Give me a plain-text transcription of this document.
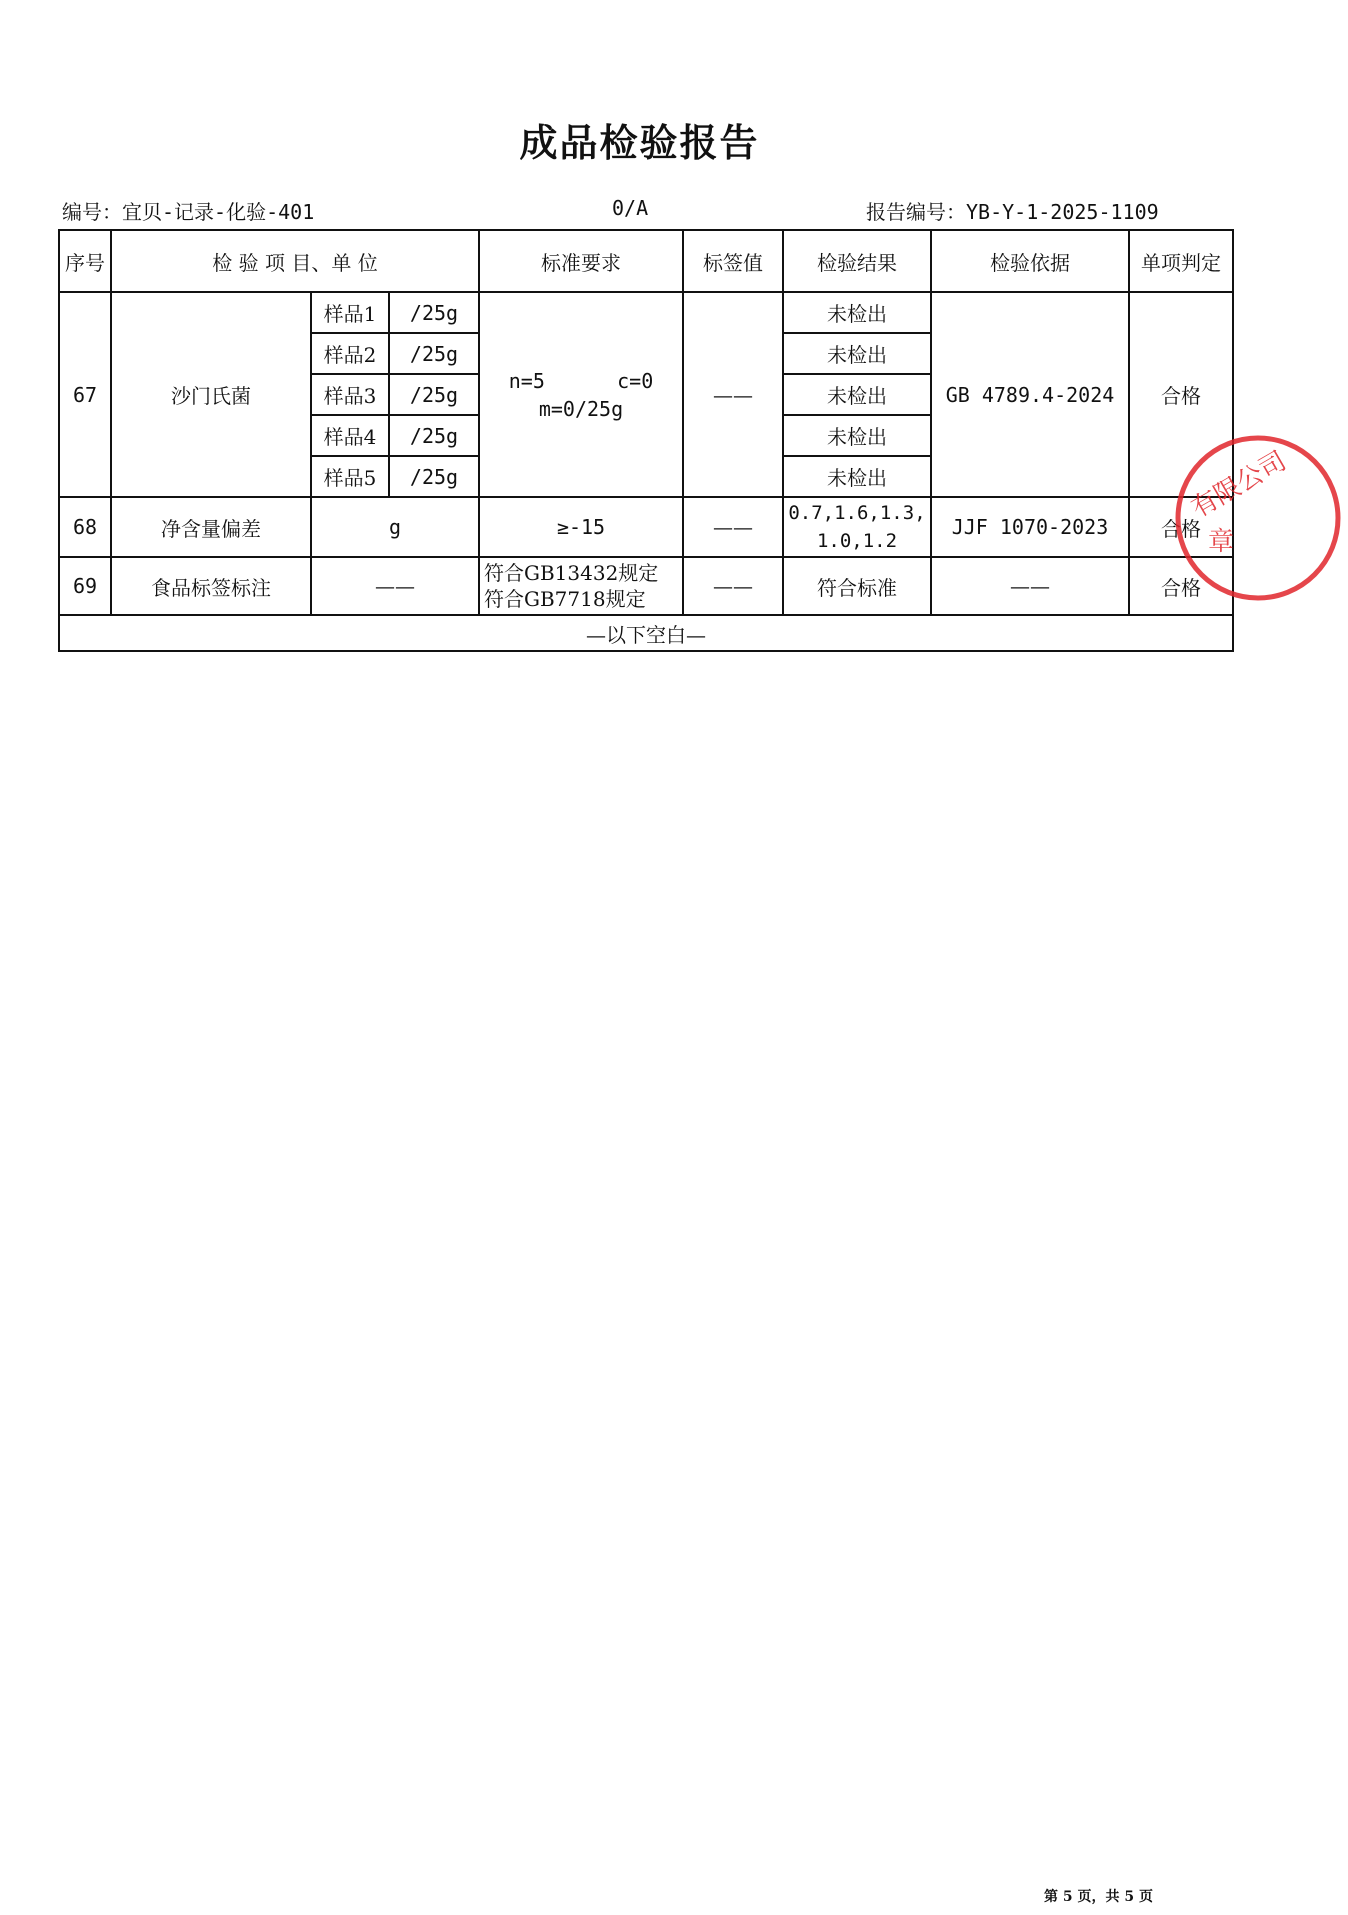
成品检验报告
编号：宜贝-记录-化验-401	0/A	报告编号：YB-Y-1-2025-1109
序号	检 验 项 目、单 位			标准要求	标签值	检验结果	检验依据	单项判定
67	沙门氏菌	样品1	/25g	n=5      c=0
m=0/25g	——	未检出	GB 4789.4-2024	合格
		样品2	/25g			未检出		
		样品3	/25g			未检出		
		样品4	/25g			未检出		
		样品5	/25g			未检出		
68	净含量偏差	g		≥-15	——	0.7,1.6,1.3,1.0,1.2	JJF 1070-2023	合格
69	食品标签标注	——		符合GB13432规定
符合GB7718规定	——	符合标准	——	合格
—以下空白—								
有限公司
章
第 5 页，共 5 页
